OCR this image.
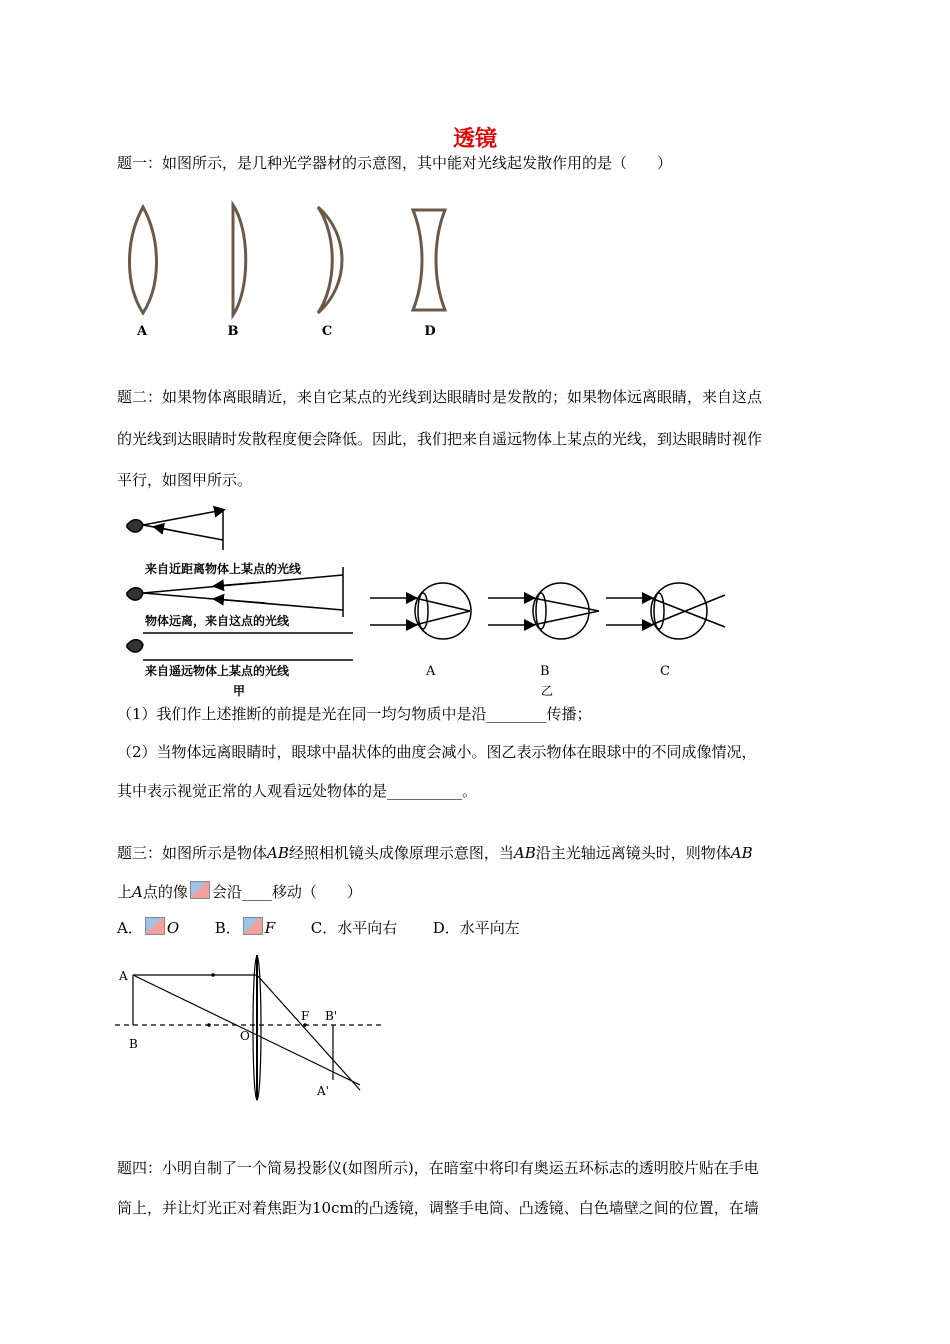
透镜
题一：如图所示，是几种光学器材的示意图，其中能对光线起发散作用的是（　　）
A	B	C	D
题二：如果物体离眼睛近，来自它某点的光线到达眼睛时是发散的；如果物体远离眼睛，来自这点
的光线到达眼睛时发散程度便会降低。因此，我们把来自遥远物体上某点的光线，到达眼睛时视作
平行，如图甲所示。
来自近距离物体上某点的光线
物体远离，来自这点的光线
来自遥远物体上某点的光线
甲
A	B	C
乙
（1）我们作上述推断的前提是光在同一均匀物质中是沿________传播；
（2）当物体远离眼睛时，眼球中晶状体的曲度会减小。图乙表示物体在眼球中的不同成像情况，
其中表示视觉正常的人观看远处物体的是__________。
题三：如图所示是物体AB经照相机镜头成像原理示意图，当AB沿主光轴远离镜头时，则物体AB
上A点的像 会沿____移动（　　）
A． O B． F C．水平向右 D．水平向左
A
B
O
F B'
A'
题四：小明自制了一个简易投影仪(如图所示)，在暗室中将印有奥运五环标志的透明胶片贴在手电
筒上，并让灯光正对着焦距为10cm的凸透镜，调整手电筒、凸透镜、白色墙壁之间的位置，在墙
